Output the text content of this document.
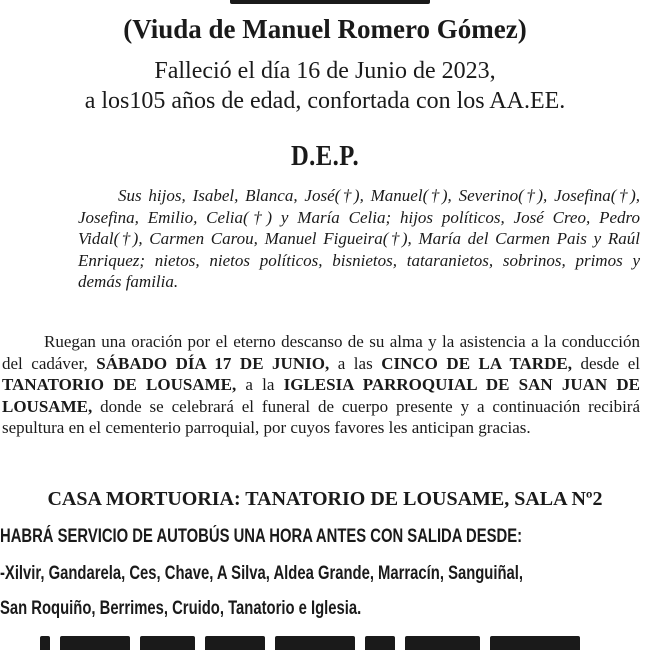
(Viuda de Manuel Romero Gómez)
Falleció el día 16 de Junio de 2023,
a los105 años de edad, confortada con los AA.EE.
D.E.P.
Sus hijos, Isabel, Blanca, José(†), Manuel(†), Severino(†), Josefina(†), Josefina, Emilio, Celia(†) y María Celia; hijos políticos, José Creo, Pedro Vidal(†), Carmen Carou, Manuel Figueira(†), María del Carmen Pais y Raúl Enriquez; nietos, nietos políticos, bisnietos, tataranietos, sobrinos, primos y demás familia.
Ruegan una oración por el eterno descanso de su alma y la asistencia a la conducción del cadáver, SÁBADO DÍA 17 DE JUNIO, a las CINCO DE LA TARDE, desde el TANATORIO DE LOUSAME, a la IGLESIA PARROQUIAL DE SAN JUAN DE LOUSAME, donde se celebrará el funeral de cuerpo presente y a continuación recibirá sepultura en el cementerio parroquial, por cuyos favores les anticipan gracias.
CASA MORTUORIA: TANATORIO DE LOUSAME, SALA Nº2
HABRÁ SERVICIO DE AUTOBÚS UNA HORA ANTES CON SALIDA DESDE:
-Xilvir, Gandarela, Ces, Chave, A Silva, Aldea Grande, Marracín, Sanguiñal,
San Roquiño, Berrimes, Cruido, Tanatorio e Iglesia.
